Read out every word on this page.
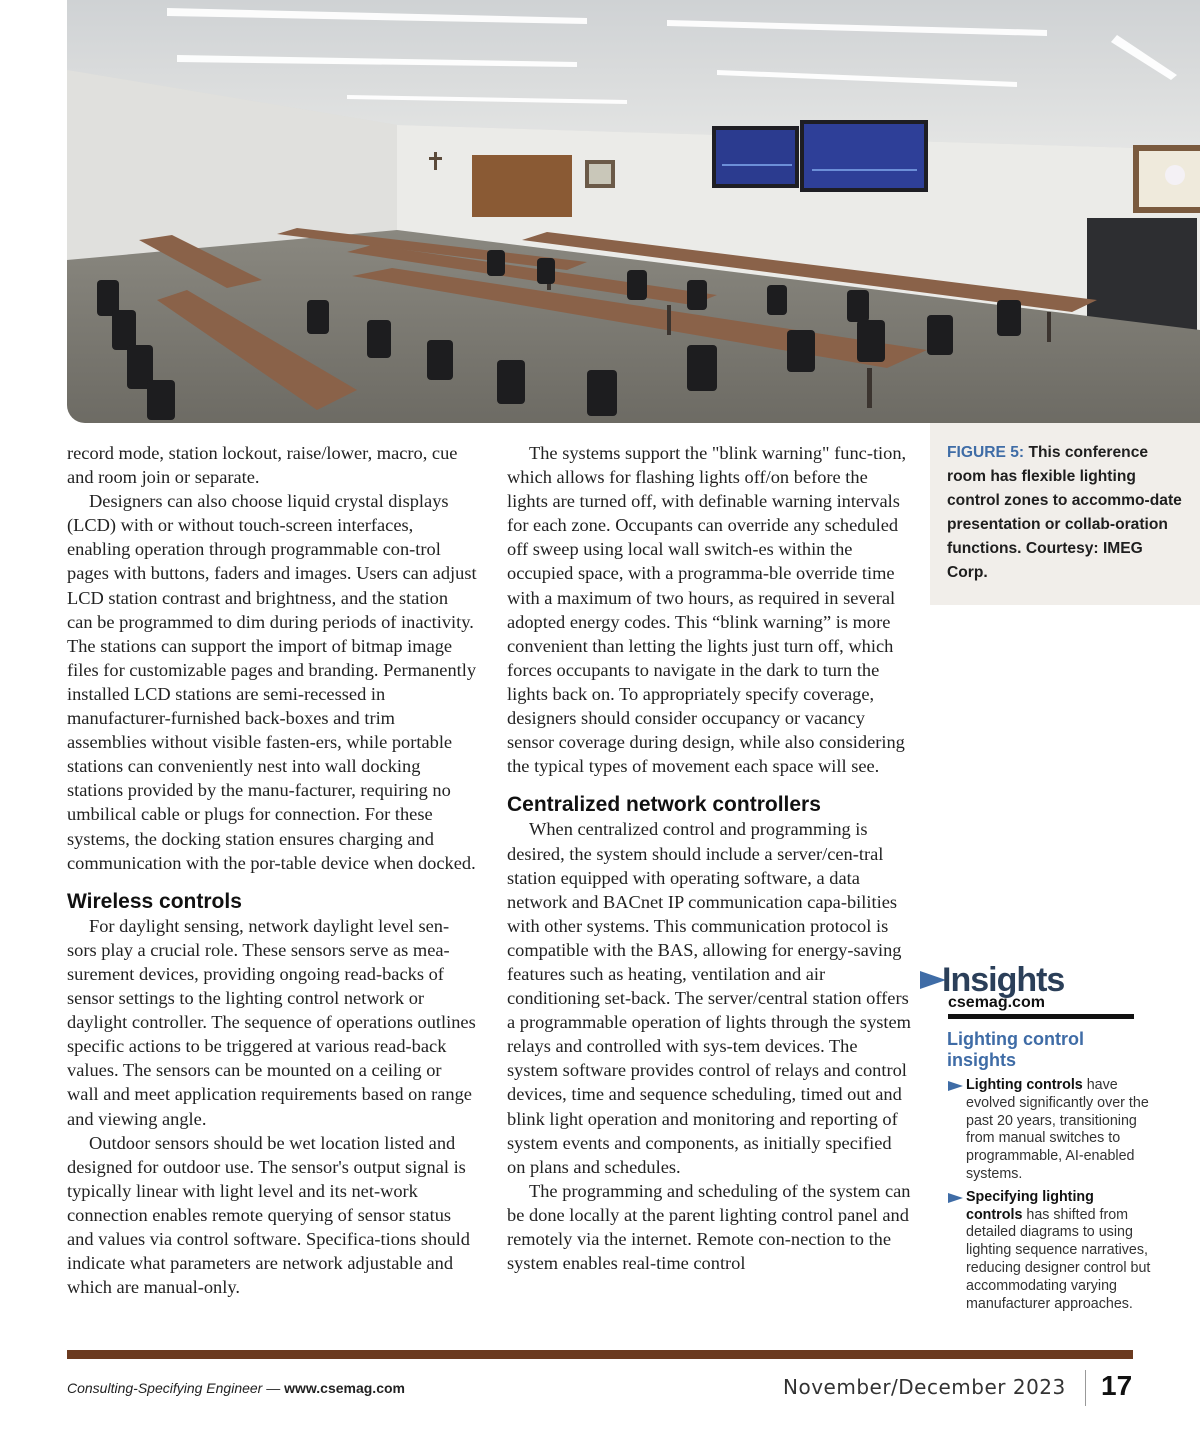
FIGURE 5: This conference room has flexible lighting control zones to accommo-date presentation or collab-oration functions. Courtesy: IMEG Corp.

record mode, station lockout, raise/lower, macro, cue and room join or separate.

Designers can also choose liquid crystal displays (LCD) with or without touch-screen interfaces, enabling operation through programmable con-trol pages with buttons, faders and images. Users can adjust LCD station contrast and brightness, and the station can be programmed to dim during periods of inactivity. The stations can support the import of bitmap image files for customizable pages and branding. Permanently installed LCD stations are semi-recessed in manufacturer-furnished back-boxes and trim assemblies without visible fasten-ers, while portable stations can conveniently nest into wall docking stations provided by the manu-facturer, requiring no umbilical cable or plugs for connection. For these systems, the docking station ensures charging and communication with the por-table device when docked.

Wireless controls

For daylight sensing, network daylight level sen-sors play a crucial role. These sensors serve as mea-surement devices, providing ongoing read-backs of sensor settings to the lighting control network or daylight controller. The sequence of operations outlines specific actions to be triggered at various read-back values. The sensors can be mounted on a ceiling or wall and meet application requirements based on range and viewing angle.

Outdoor sensors should be wet location listed and designed for outdoor use. The sensor's output signal is typically linear with light level and its net-work connection enables remote querying of sensor status and values via control software. Specifica-tions should indicate what parameters are network adjustable and which are manual-only.

The systems support the "blink warning" func-tion, which allows for flashing lights off/on before the lights are turned off, with definable warning intervals for each zone. Occupants can override any scheduled off sweep using local wall switch-es within the occupied space, with a programma-ble override time with a maximum of two hours, as required in several adopted energy codes. This “blink warning” is more convenient than letting the lights just turn off, which forces occupants to navigate in the dark to turn the lights back on. To appropriately specify coverage, designers should consider occupancy or vacancy sensor coverage during design, while also considering the typical types of movement each space will see.

Centralized network controllers

When centralized control and programming is desired, the system should include a server/cen-tral station equipped with operating software, a data network and BACnet IP communication capa-bilities with other systems. This communication protocol is compatible with the BAS, allowing for energy-saving features such as heating, ventilation and air conditioning set-back. The server/central station offers a programmable operation of lights through the system relays and controlled with sys-tem devices. The system software provides control of relays and control devices, time and sequence scheduling, timed out and blink light operation and monitoring and reporting of system events and components, as initially specified on plans and schedules.

The programming and scheduling of the system can be done locally at the parent lighting control panel and remotely via the internet. Remote con-nection to the system enables real-time control

Insights
csemag.com
Lighting control insights
Lighting controls have evolved significantly over the past 20 years, transitioning from manual switches to programmable, AI-enabled systems.
Specifying lighting controls has shifted from detailed diagrams to using lighting sequence narratives, reducing designer control but accommodating varying manufacturer approaches.
Consulting-Specifying Engineer — www.csemag.com	November/December 2023 17
